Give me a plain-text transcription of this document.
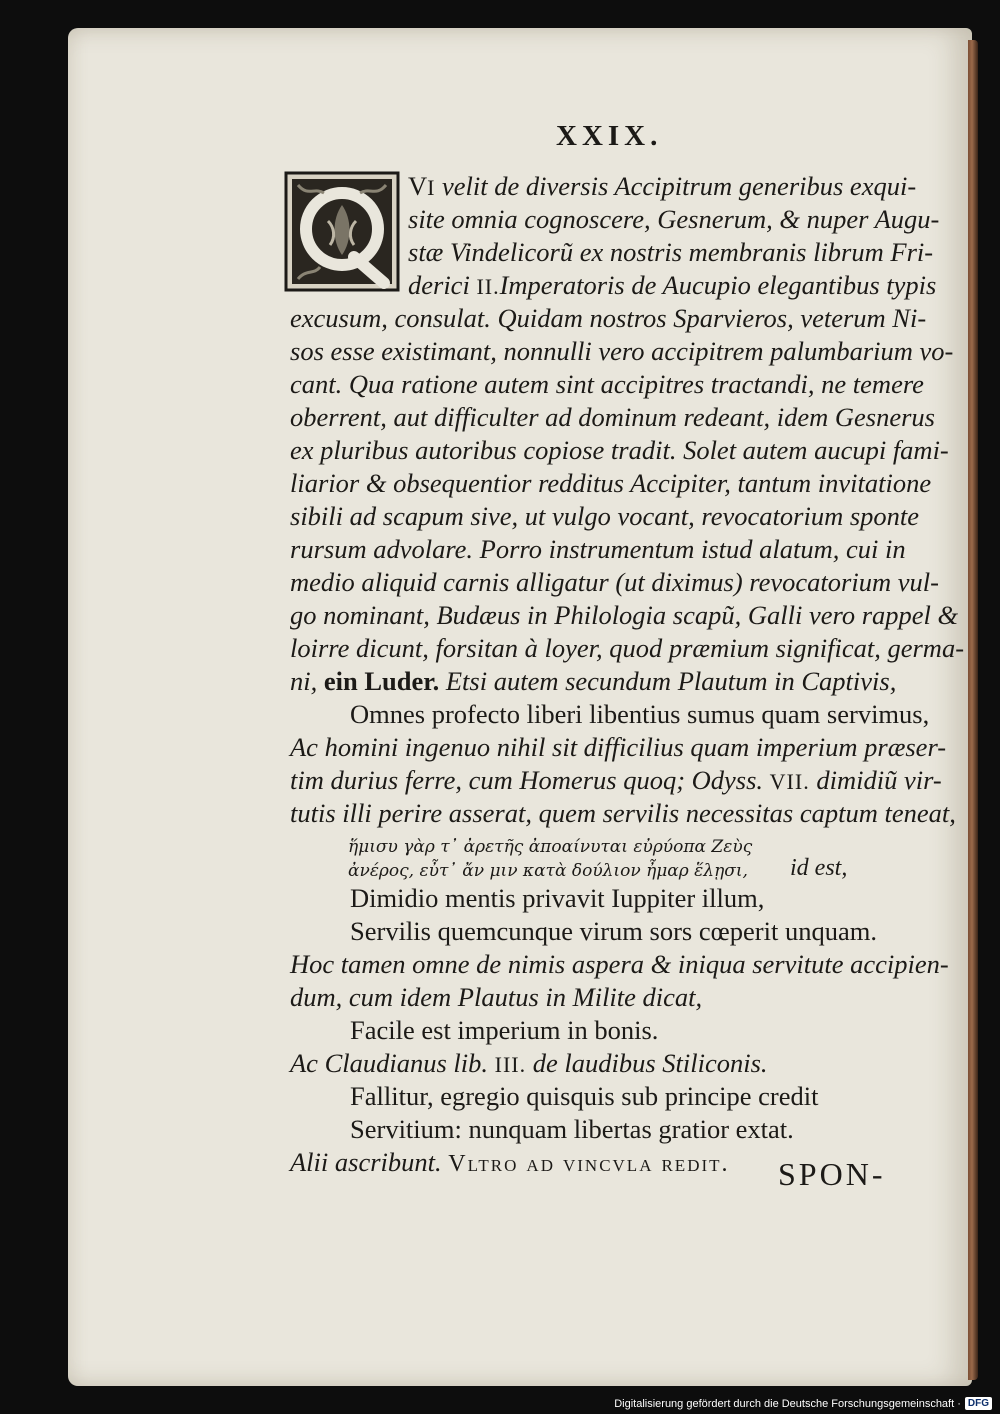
XXIX.
VI velit de diversis Accipitrum generibus exqui-
site omnia cognoscere, Gesnerum, & nuper Augu-
stæ Vindelicorũ ex nostris membranis librum Fri-
derici II.Imperatoris de Aucupio elegantibus typis
excusum, consulat. Quidam nostros Sparvieros, veterum Ni-
sos esse existimant, nonnulli vero accipitrem palumbarium vo-
cant. Qua ratione autem sint accipitres tractandi, ne temere
oberrent, aut difficulter ad dominum redeant, idem Gesnerus
ex pluribus autoribus copiose tradit. Solet autem aucupi fami-
liarior & obsequentior redditus Accipiter, tantum invitatione
sibili ad scapum sive, ut vulgo vocant, revocatorium sponte
rursum advolare. Porro instrumentum istud alatum, cui in
medio aliquid carnis alligatur (ut diximus) revocatorium vul-
go nominant, Budæus in Philologia scapũ, Galli vero rappel &
loirre dicunt, forsitan à loyer, quod præmium significat, germa-
ni, ein Luder. Etsi autem secundum Plautum in Captivis,
Omnes profecto liberi libentius sumus quam servimus,
Ac homini ingenuo nihil sit difficilius quam imperium præser-
tim durius ferre, cum Homerus quoq; Odyss. VII. dimidiũ vir-
tutis illi perire asserat, quem servilis necessitas captum teneat,
ἥμισυ γὰρ τ᾽ ἀρετῆς ἀποαίνυται εὐρύοπα Ζεὺς
ἀνέρος, εὖτ᾽ ἄν μιν κατὰ δούλιον ἦμαρ ἕλῃσι, id est,
Dimidio mentis privavit Iuppiter illum,
Servilis quemcunque virum sors cœperit unquam.
Hoc tamen omne de nimis aspera & iniqua servitute accipien-
dum, cum idem Plautus in Milite dicat,
Facile est imperium in bonis.
Ac Claudianus lib. III. de laudibus Stiliconis.
Fallitur, egregio quisquis sub principe credit
Servitium: nunquam libertas gratior extat.
Alii ascribunt. Vltro ad vincvla redit. SPON-
Digitalisierung gefördert durch die Deutsche Forschungsgemeinschaft · DFG
